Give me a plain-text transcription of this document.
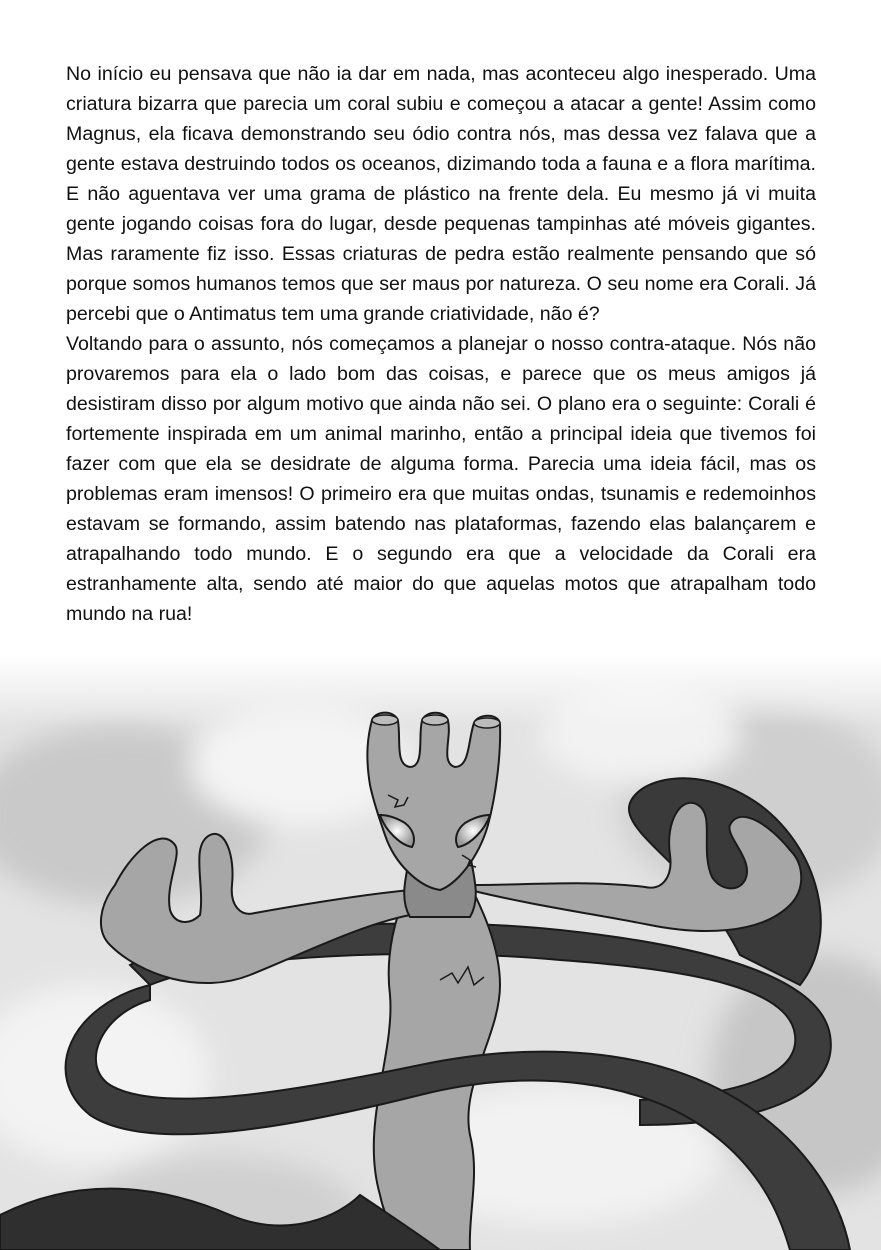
No início eu pensava que não ia dar em nada, mas aconteceu algo inesperado. Uma criatura bizarra que parecia um coral subiu e começou a atacar a gente! Assim como Magnus, ela ficava demonstrando seu ódio contra nós, mas dessa vez falava que a gente estava destruindo todos os oceanos, dizimando toda a fauna e a flora marítima. E não aguentava ver uma grama de plástico na frente dela. Eu mesmo já vi muita gente jogando coisas fora do lugar, desde pequenas tampinhas até móveis gigantes. Mas raramente fiz isso. Essas criaturas de pedra estão realmente pensando que só porque somos humanos temos que ser maus por natureza. O seu nome era Corali. Já percebi que o Antimatus tem uma grande criatividade, não é?

Voltando para o assunto, nós começamos a planejar o nosso contra-ataque. Nós não provaremos para ela o lado bom das coisas, e parece que os meus amigos já desistiram disso por algum motivo que ainda não sei. O plano era o seguinte: Corali é fortemente inspirada em um animal marinho, então a principal ideia que tivemos foi fazer com que ela se desidrate de alguma forma. Parecia uma ideia fácil, mas os problemas eram imensos! O primeiro era que muitas ondas, tsunamis e redemoinhos estavam se formando, assim batendo nas plataformas, fazendo elas balançarem e atrapalhando todo mundo. E o segundo era que a velocidade da Corali era estranhamente alta, sendo até maior do que aquelas motos que atrapalham todo mundo na rua!
